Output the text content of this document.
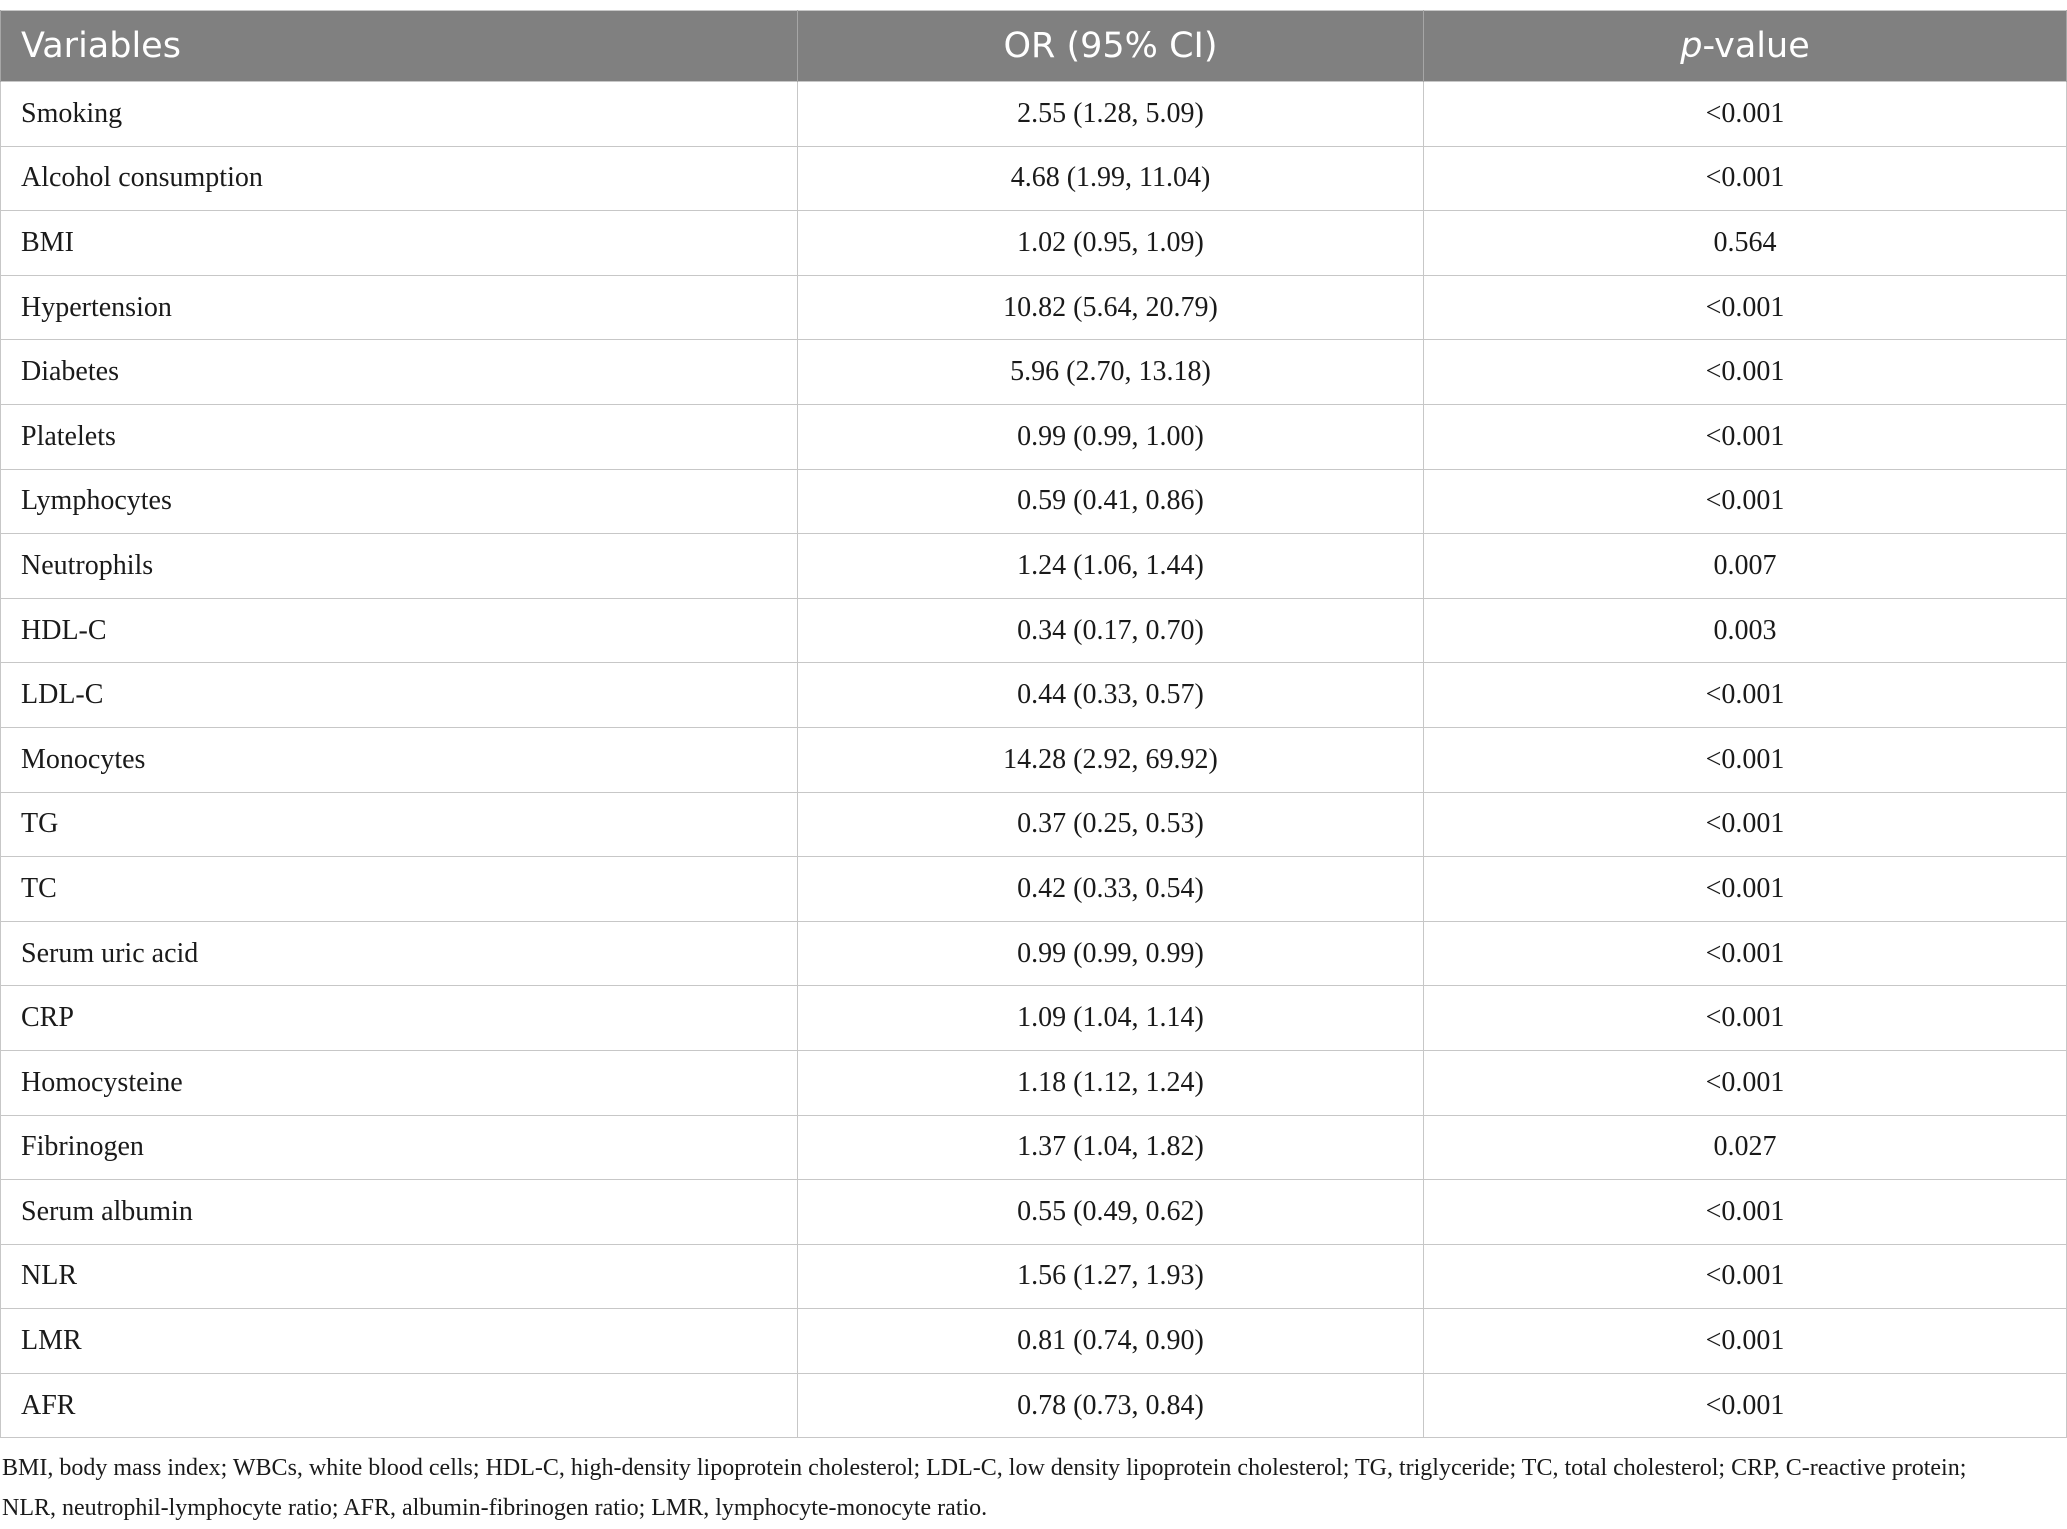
Variables	OR (95% CI)	p-value
Smoking	2.55 (1.28, 5.09)	<0.001
Alcohol consumption	4.68 (1.99, 11.04)	<0.001
BMI	1.02 (0.95, 1.09)	0.564
Hypertension	10.82 (5.64, 20.79)	<0.001
Diabetes	5.96 (2.70, 13.18)	<0.001
Platelets	0.99 (0.99, 1.00)	<0.001
Lymphocytes	0.59 (0.41, 0.86)	<0.001
Neutrophils	1.24 (1.06, 1.44)	0.007
HDL-C	0.34 (0.17, 0.70)	0.003
LDL-C	0.44 (0.33, 0.57)	<0.001
Monocytes	14.28 (2.92, 69.92)	<0.001
TG	0.37 (0.25, 0.53)	<0.001
TC	0.42 (0.33, 0.54)	<0.001
Serum uric acid	0.99 (0.99, 0.99)	<0.001
CRP	1.09 (1.04, 1.14)	<0.001
Homocysteine	1.18 (1.12, 1.24)	<0.001
Fibrinogen	1.37 (1.04, 1.82)	0.027
Serum albumin	0.55 (0.49, 0.62)	<0.001
NLR	1.56 (1.27, 1.93)	<0.001
LMR	0.81 (0.74, 0.90)	<0.001
AFR	0.78 (0.73, 0.84)	<0.001

BMI, body mass index; WBCs, white blood cells; HDL-C, high-density lipoprotein cholesterol; LDL-C, low density lipoprotein cholesterol; TG, triglyceride; TC, total cholesterol; CRP, C-reactive protein; NLR, neutrophil-lymphocyte ratio; AFR, albumin-fibrinogen ratio; LMR, lymphocyte-monocyte ratio.
